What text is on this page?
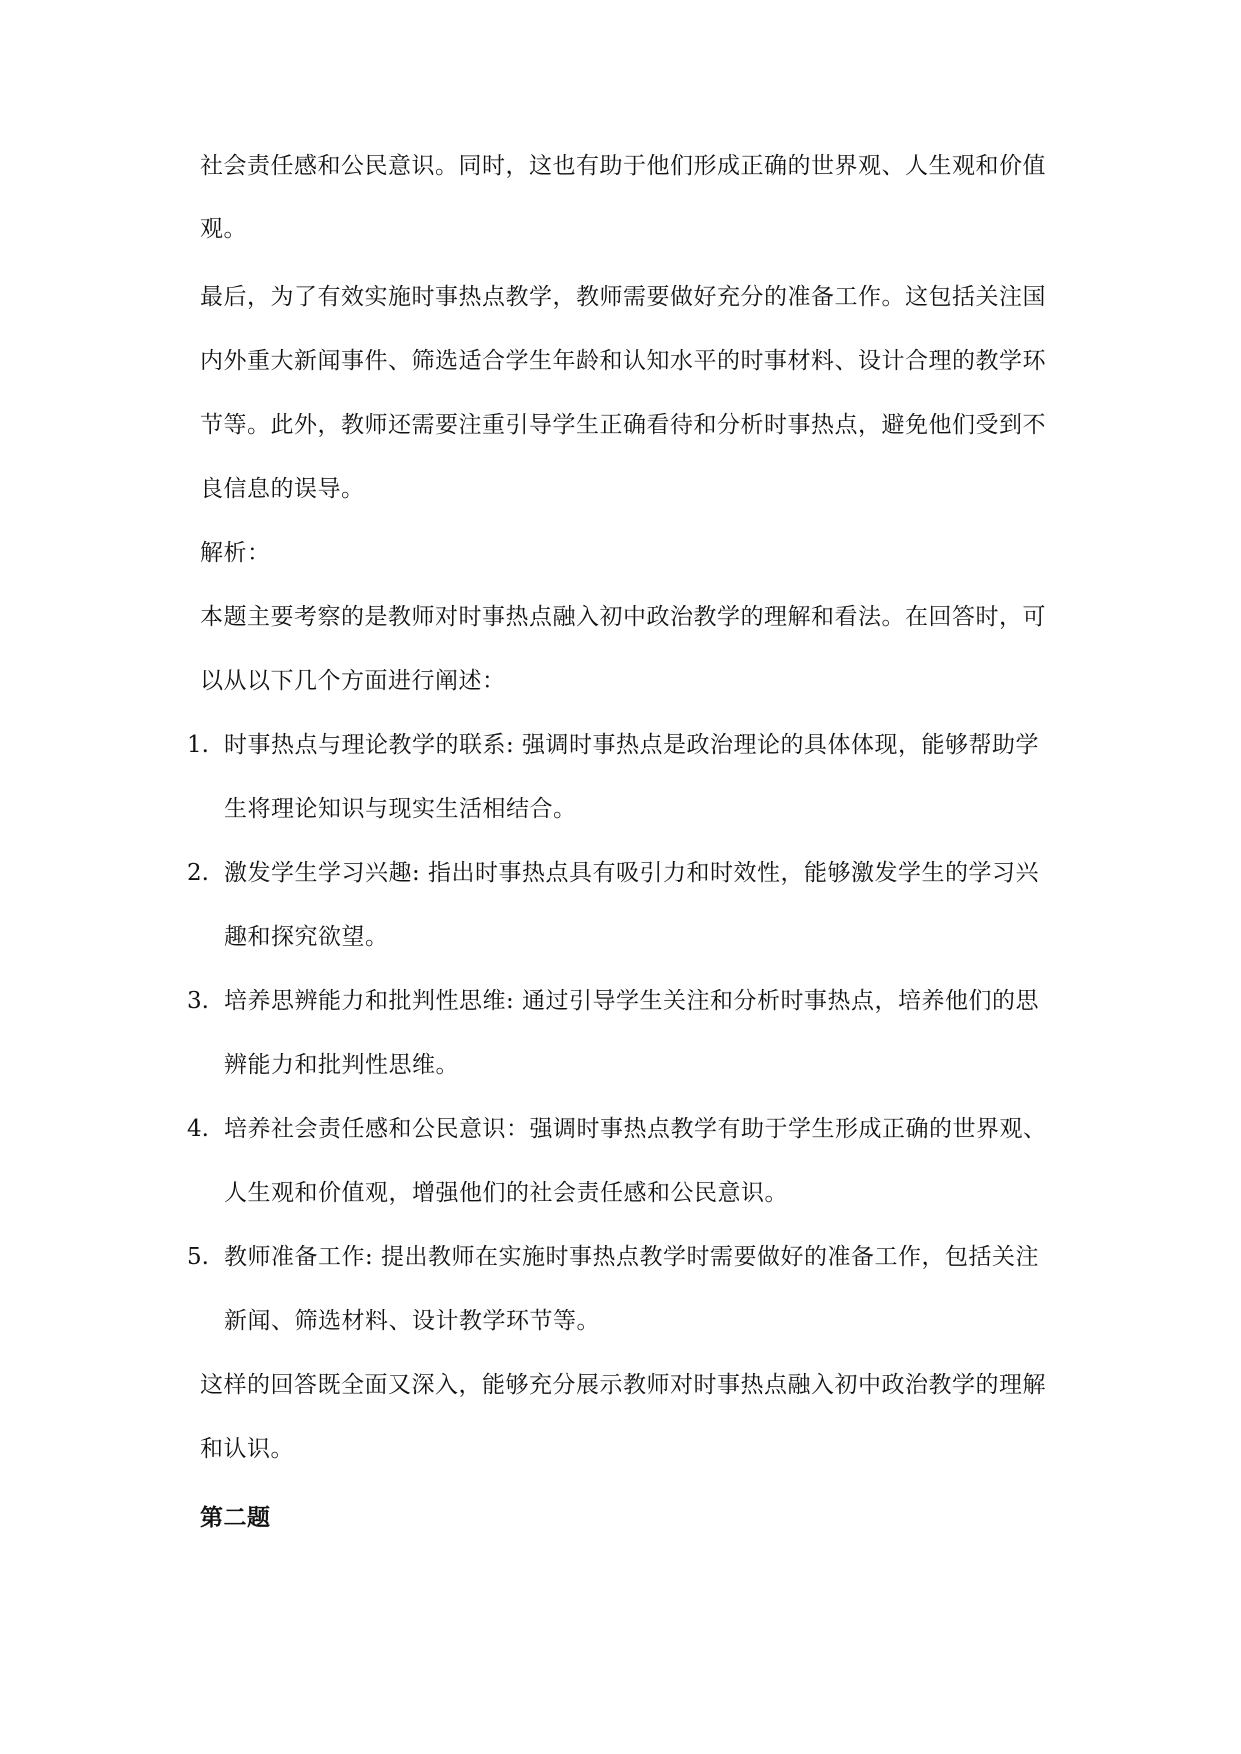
社会责任感和公民意识。同时，这也有助于他们形成正确的世界观、人生观和价值
观。
最后，为了有效实施时事热点教学，教师需要做好充分的准备工作。这包括关注国
内外重大新闻事件、筛选适合学生年龄和认知水平的时事材料、设计合理的教学环
节等。此外，教师还需要注重引导学生正确看待和分析时事热点，避免他们受到不
良信息的误导。
解析：
本题主要考察的是教师对时事热点融入初中政治教学的理解和看法。在回答时，可
以从以下几个方面进行阐述：
1. 时事热点与理论教学的联系: 强调时事热点是政治理论的具体体现，能够帮助学
生将理论知识与现实生活相结合。
2. 激发学生学习兴趣: 指出时事热点具有吸引力和时效性，能够激发学生的学习兴
趣和探究欲望。
3. 培养思辨能力和批判性思维: 通过引导学生关注和分析时事热点，培养他们的思
辨能力和批判性思维。
4. 培养社会责任感和公民意识：强调时事热点教学有助于学生形成正确的世界观、
人生观和价值观，增强他们的社会责任感和公民意识。
5. 教师准备工作: 提出教师在实施时事热点教学时需要做好的准备工作，包括关注
新闻、筛选材料、设计教学环节等。
这样的回答既全面又深入，能够充分展示教师对时事热点融入初中政治教学的理解
和认识。
第二题
